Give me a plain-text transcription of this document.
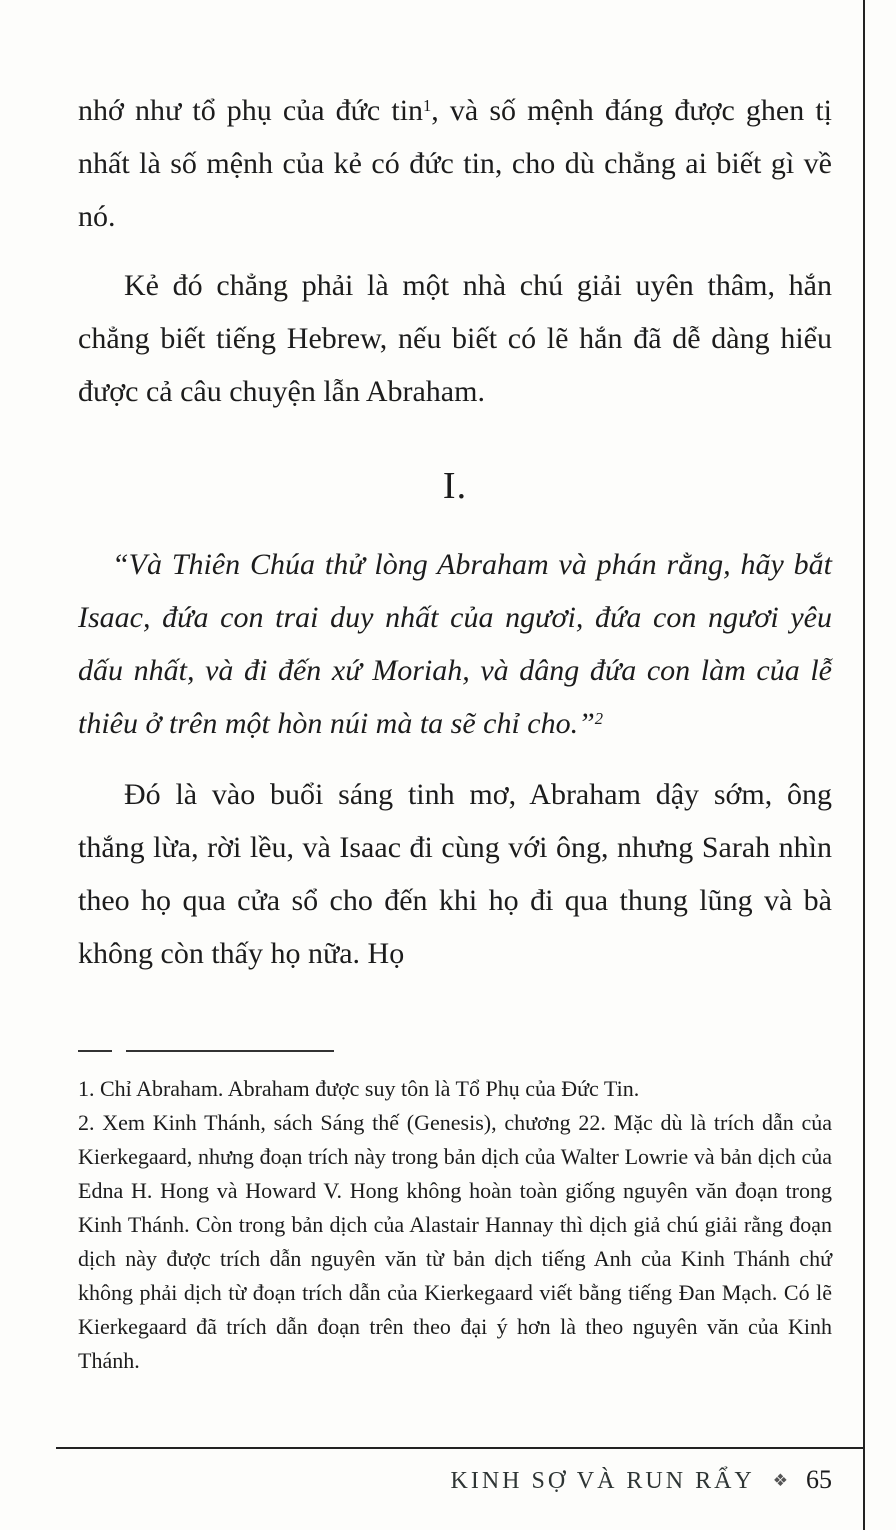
nhớ như tổ phụ của đức tin$^1$, và số mệnh đáng được ghen tị nhất là số mệnh của kẻ có đức tin, cho dù chẳng ai biết gì về nó.

Kẻ đó chẳng phải là một nhà chú giải uyên thâm, hắn chẳng biết tiếng Hebrew, nếu biết có lẽ hắn đã dễ dàng hiểu được cả câu chuyện lẫn Abraham.

I.

“Và Thiên Chúa thử lòng Abraham và phán rằng, hãy bắt Isaac, đứa con trai duy nhất của ngươi, đứa con ngươi yêu dấu nhất, và đi đến xứ Moriah, và dâng đứa con làm của lễ thiêu ở trên một hòn núi mà ta sẽ chỉ cho.”$^2$

Đó là vào buổi sáng tinh mơ, Abraham dậy sớm, ông thắng lừa, rời lều, và Isaac đi cùng với ông, nhưng Sarah nhìn theo họ qua cửa sổ cho đến khi họ đi qua thung lũng và bà không còn thấy họ nữa. Họ

1. Chỉ Abraham. Abraham được suy tôn là Tổ Phụ của Đức Tin.

2. Xem Kinh Thánh, sách Sáng thế (Genesis), chương 22. Mặc dù là trích dẫn của Kierkegaard, nhưng đoạn trích này trong bản dịch của Walter Lowrie và bản dịch của Edna H. Hong và Howard V. Hong không hoàn toàn giống nguyên văn đoạn trong Kinh Thánh. Còn trong bản dịch của Alastair Hannay thì dịch giả chú giải rằng đoạn dịch này được trích dẫn nguyên văn từ bản dịch tiếng Anh của Kinh Thánh chứ không phải dịch từ đoạn trích dẫn của Kierkegaard viết bằng tiếng Đan Mạch. Có lẽ Kierkegaard đã trích dẫn đoạn trên theo đại ý hơn là theo nguyên văn của Kinh Thánh.

KINH SỢ VÀ RUN RẨY ❖ 65
